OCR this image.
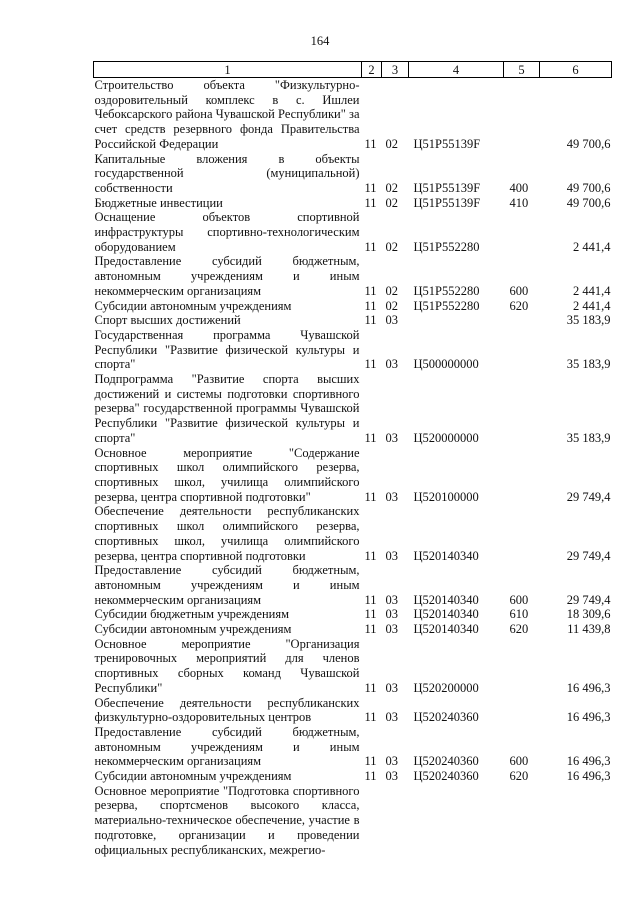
164
1	2	3	4	5	6
Строительство объекта "Физкультурно-оздоровительный комплекс в с. Ишлеи Чебоксарского района Чувашской Республики" за счет средств резервного фонда Правительства Российской Федерации	11	02	Ц51P55139F		49 700,6
Капитальные вложения в объекты государственной (муниципальной) собственности	11	02	Ц51P55139F	400	49 700,6
Бюджетные инвестиции	11	02	Ц51P55139F	410	49 700,6
Оснащение объектов спортивной инфраструктуры спортивно-технологическим оборудованием	11	02	Ц51P552280		2 441,4
Предоставление субсидий бюджетным, автономным учреждениям и иным некоммерческим организациям	11	02	Ц51P552280	600	2 441,4
Субсидии автономным учреждениям	11	02	Ц51P552280	620	2 441,4
Спорт высших достижений	11	03			35 183,9
Государственная программа Чувашской Республики "Развитие физической культуры и спорта"	11	03	Ц500000000		35 183,9
Подпрограмма "Развитие спорта высших достижений и системы подготовки спортивного резерва" государственной программы Чувашской Республики "Развитие физической культуры и спорта"	11	03	Ц520000000		35 183,9
Основное мероприятие "Содержание спортивных школ олимпийского резерва, спортивных школ, училища олимпийского резерва, центра спортивной подготовки"	11	03	Ц520100000		29 749,4
Обеспечение деятельности республиканских спортивных школ олимпийского резерва, спортивных школ, училища олимпийского резерва, центра спортивной подготовки	11	03	Ц520140340		29 749,4
Предоставление субсидий бюджетным, автономным учреждениям и иным некоммерческим организациям	11	03	Ц520140340	600	29 749,4
Субсидии бюджетным учреждениям	11	03	Ц520140340	610	18 309,6
Субсидии автономным учреждениям	11	03	Ц520140340	620	11 439,8
Основное мероприятие "Организация тренировочных мероприятий для членов спортивных сборных команд Чувашской Республики"	11	03	Ц520200000		16 496,3
Обеспечение деятельности республиканских физкультурно-оздоровительных центров	11	03	Ц520240360		16 496,3
Предоставление субсидий бюджетным, автономным учреждениям и иным некоммерческим организациям	11	03	Ц520240360	600	16 496,3
Субсидии автономным учреждениям	11	03	Ц520240360	620	16 496,3
Основное мероприятие "Подготовка спортивного резерва, спортсменов высокого класса, материально-техническое обеспечение, участие в подготовке, организации и проведении официальных республиканских, межрегио-					
